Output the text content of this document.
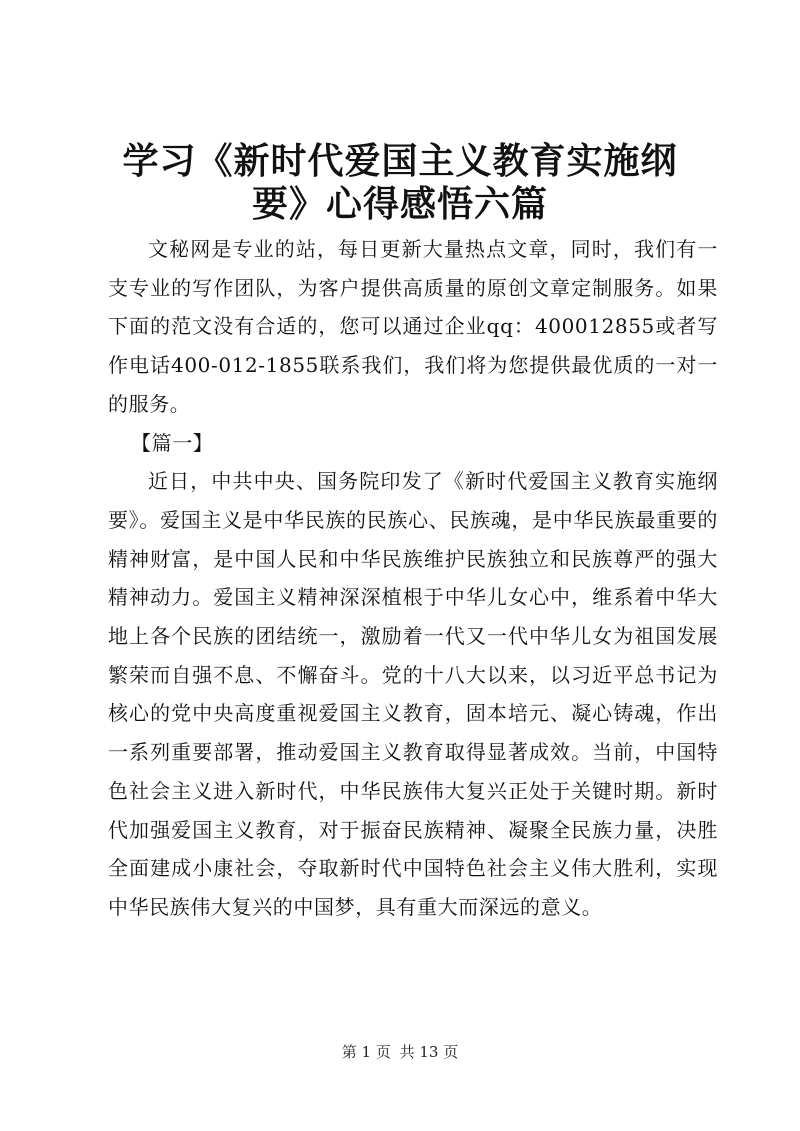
学习《新时代爱国主义教育实施纲要》心得感悟六篇

文秘网是专业的站，每日更新大量热点文章，同时，我们有一支专业的写作团队，为客户提供高质量的原创文章定制服务。如果下面的范文没有合适的，您可以通过企业qq：400012855或者写作电话400-012-1855联系我们，我们将为您提供最优质的一对一的服务。

【篇一】

近日，中共中央、国务院印发了《新时代爱国主义教育实施纲要》。爱国主义是中华民族的民族心、民族魂，是中华民族最重要的精神财富，是中国人民和中华民族维护民族独立和民族尊严的强大精神动力。爱国主义精神深深植根于中华儿女心中，维系着中华大地上各个民族的团结统一，激励着一代又一代中华儿女为祖国发展繁荣而自强不息、不懈奋斗。党的十八大以来，以习近平总书记为核心的党中央高度重视爱国主义教育，固本培元、凝心铸魂，作出一系列重要部署，推动爱国主义教育取得显著成效。当前，中国特色社会主义进入新时代，中华民族伟大复兴正处于关键时期。新时代加强爱国主义教育，对于振奋民族精神、凝聚全民族力量，决胜全面建成小康社会，夺取新时代中国特色社会主义伟大胜利，实现中华民族伟大复兴的中国梦，具有重大而深远的意义。

第 1 页 共 13 页
